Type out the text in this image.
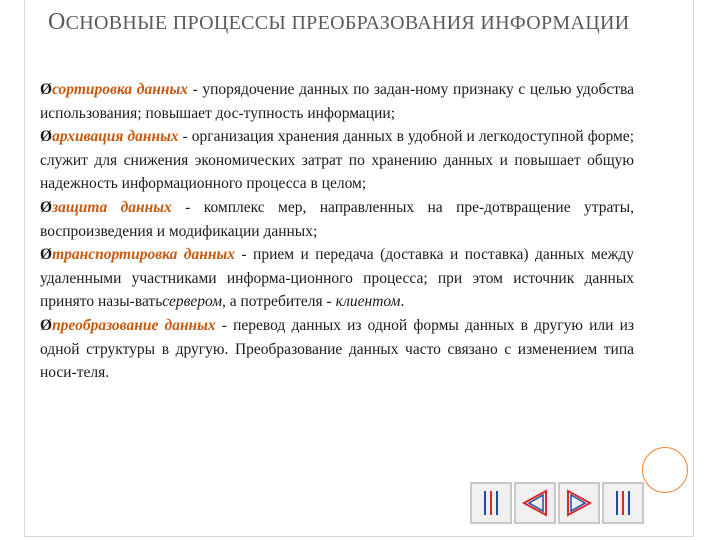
ОСНОВНЫЕ ПРОЦЕССЫ ПРЕОБРАЗОВАНИЯ ИНФОРМАЦИИ

Øсортировка данных - упорядочение данных по задан-ному признаку с целью удобства использования; повышает дос-тупность информации;

Øархивация данных - организация хранения данных в удобной и легкодоступной форме; служит для снижения экономических затрат по хранению данных и повышает общую надежность информационного процесса в целом;

Øзащита данных - комплекс мер, направленных на пре-дотвращение утраты, воспроизведения и модификации данных;

Øтранспортировка данных - прием и передача (доставка и поставка) данных между удаленными участниками информа-ционного процесса; при этом источник данных принято назы-ватьсервером, а потребителя - клиентом.

Øпреобразование данных - перевод данных из одной формы данных в другую или из одной структуры в другую. Преобразование данных часто связано с изменением типа носи-теля.
